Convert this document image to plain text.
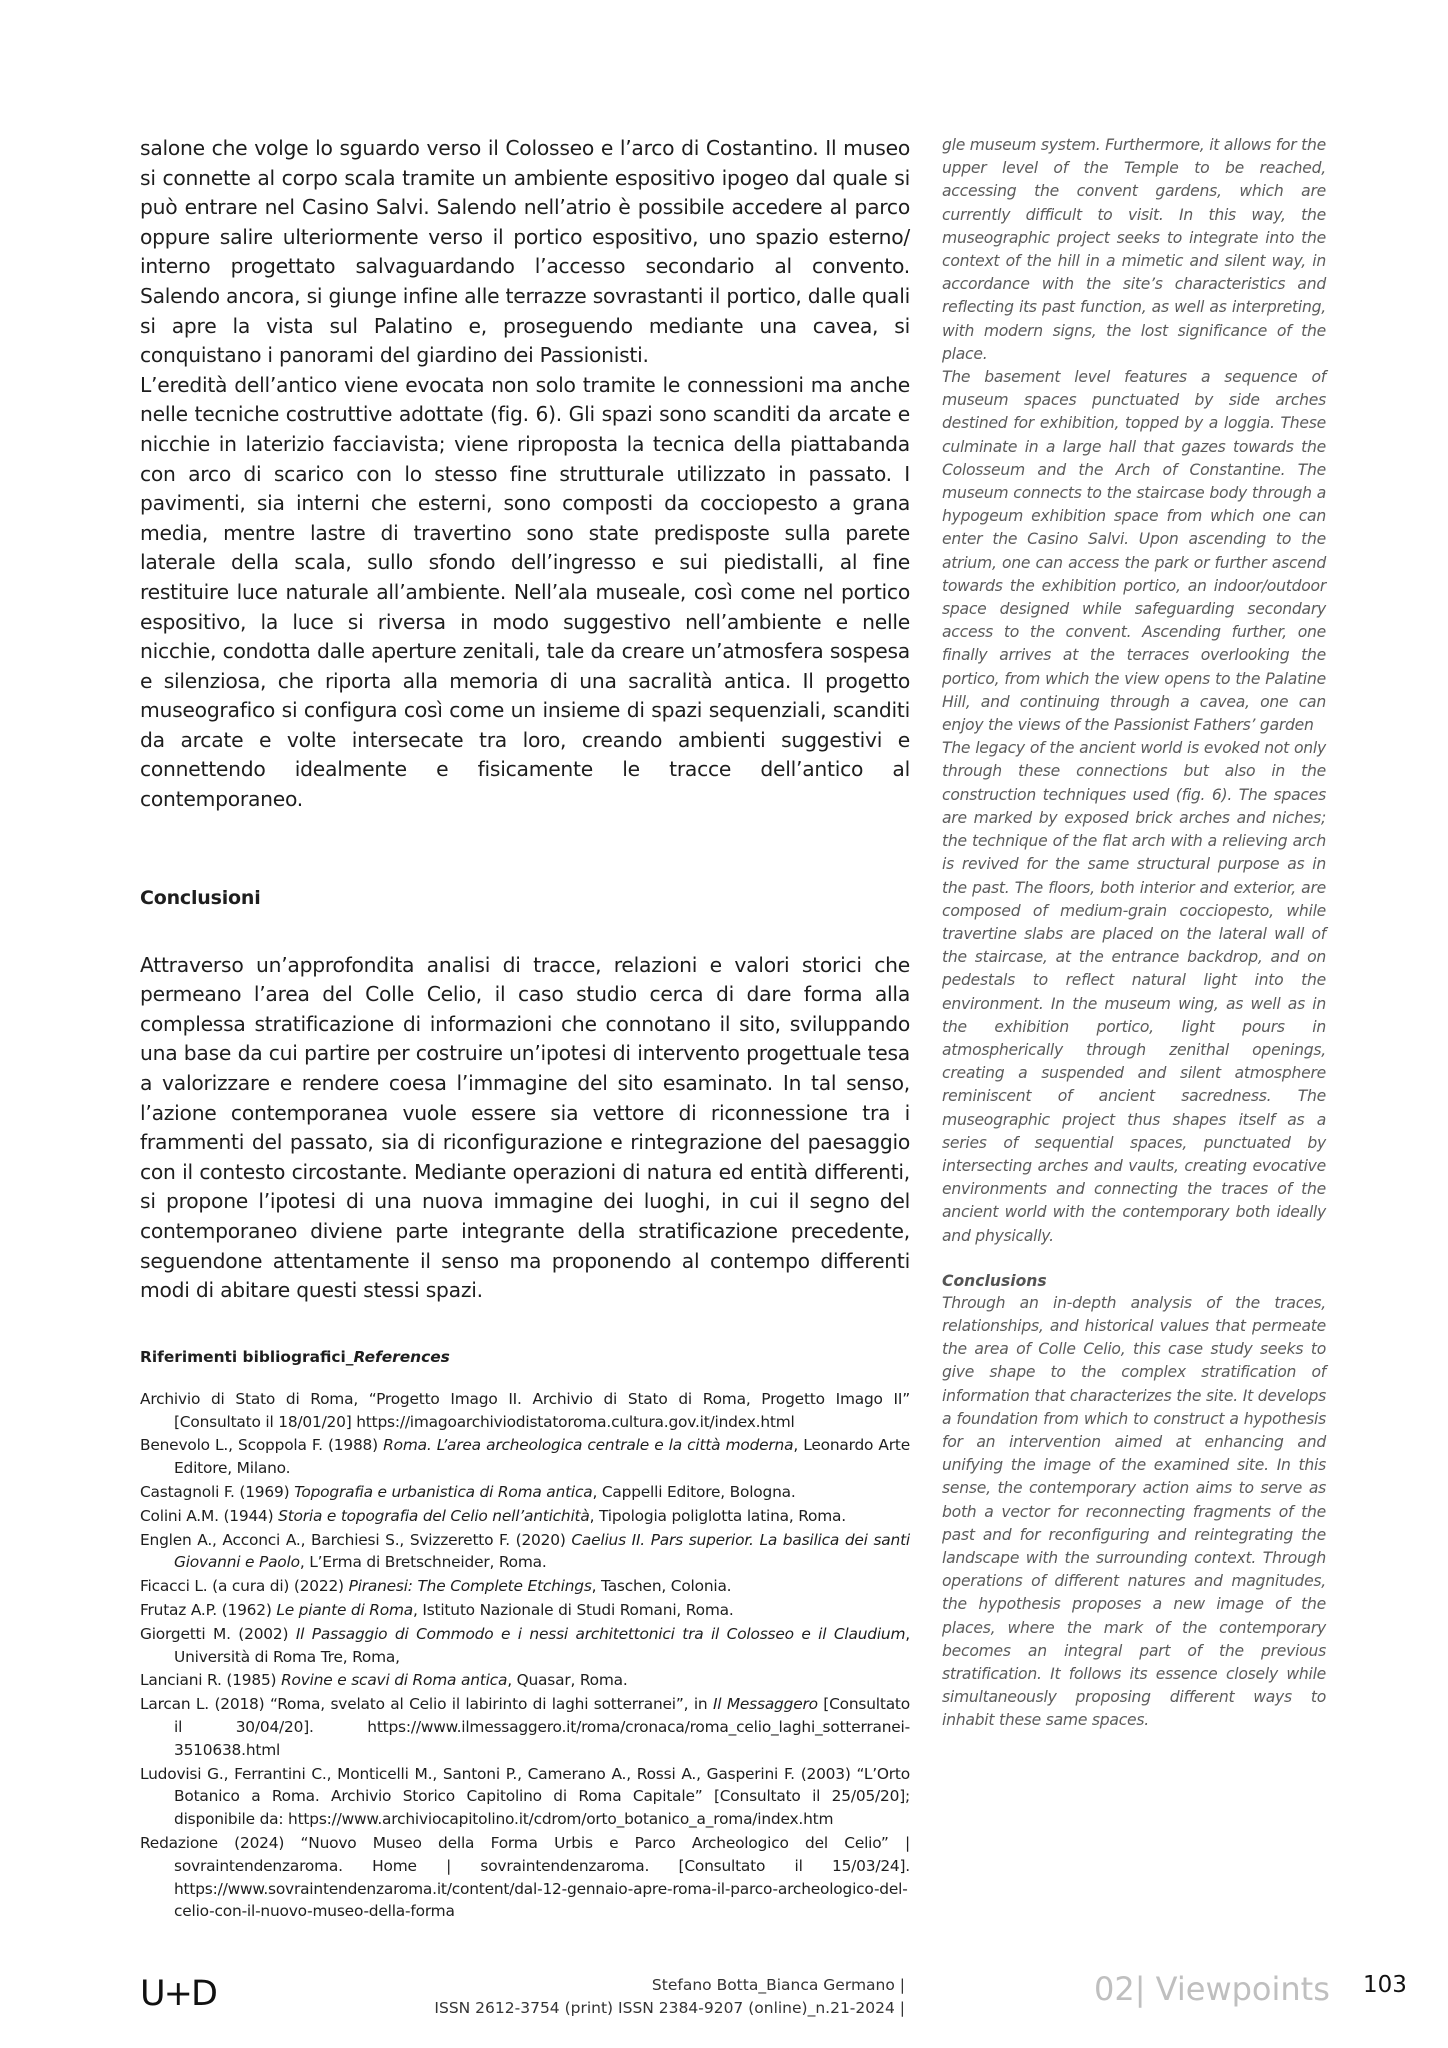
salone che volge lo sguardo verso il Colosseo e l’arco di Costantino. Il museo si connette al corpo scala tramite un ambiente espositivo ipogeo dal quale si può entrare nel Casino Salvi. Salendo nell’atrio è possibile accedere al parco oppure salire ulteriormente verso il portico espositivo, uno spazio esterno/ interno progettato salvaguardando l’accesso secondario al convento. Salendo ancora, si giunge infine alle terrazze sovrastanti il portico, dalle quali si apre la vista sul Palatino e, proseguendo mediante una cavea, si conquistano i panorami del giardino dei Passionisti.

L’eredità dell’antico viene evocata non solo tramite le connessioni ma anche nelle tecniche costruttive adottate (fig. 6). Gli spazi sono scanditi da arcate e nicchie in laterizio facciavista; viene riproposta la tecnica della piattabanda con arco di scarico con lo stesso fine strutturale utilizzato in passato. I pavimenti, sia interni che esterni, sono composti da cocciopesto a grana media, mentre lastre di travertino sono state predisposte sulla parete laterale della scala, sullo sfondo dell’ingresso e sui piedistalli, al fine restituire luce naturale all’ambiente. Nell’ala museale, così come nel portico espositivo, la luce si riversa in modo suggestivo nell’ambiente e nelle nicchie, condotta dalle aperture zenitali, tale da creare un’atmosfera sospesa e silenziosa, che riporta alla memoria di una sacralità antica. Il progetto museografico si configura così come un insieme di spazi sequenziali, scanditi da arcate e volte intersecate tra loro, creando ambienti suggestivi e connettendo idealmente e fisicamente le tracce dell’antico al contemporaneo.

Conclusioni

Attraverso un’approfondita analisi di tracce, relazioni e valori storici che permeano l’area del Colle Celio, il caso studio cerca di dare forma alla complessa stratificazione di informazioni che connotano il sito, sviluppando una base da cui partire per costruire un’ipotesi di intervento progettuale tesa a valorizzare e rendere coesa l’immagine del sito esaminato. In tal senso, l’azione contemporanea vuole essere sia vettore di riconnessione tra i frammenti del passato, sia di riconfigurazione e rintegrazione del paesaggio con il contesto circostante. Mediante operazioni di natura ed entità differenti, si propone l’ipotesi di una nuova immagine dei luoghi, in cui il segno del contemporaneo diviene parte integrante della stratificazione precedente, seguendone attentamente il senso ma proponendo al contempo differenti modi di abitare questi stessi spazi.

Riferimenti bibliografici_References
Archivio di Stato di Roma, “Progetto Imago II. Archivio di Stato di Roma, Progetto Imago II” [Consultato il 18/01/20] https://imagoarchiviodistatoroma.cultura.gov.it/index.html
Benevolo L., Scoppola F. (1988) Roma. L’area archeologica centrale e la città moderna, Leonardo Arte Editore, Milano.
Castagnoli F. (1969) Topografia e urbanistica di Roma antica, Cappelli Editore, Bologna.
Colini A.M. (1944) Storia e topografia del Celio nell’antichità, Tipologia poliglotta latina, Roma.
Englen A., Acconci A., Barchiesi S., Svizzeretto F. (2020) Caelius II. Pars superior. La basilica dei santi Giovanni e Paolo, L’Erma di Bretschneider, Roma.
Ficacci L. (a cura di) (2022) Piranesi: The Complete Etchings, Taschen, Colonia.
Frutaz A.P. (1962) Le piante di Roma, Istituto Nazionale di Studi Romani, Roma.
Giorgetti M. (2002) Il Passaggio di Commodo e i nessi architettonici tra il Colosseo e il Claudium, Università di Roma Tre, Roma,
Lanciani R. (1985) Rovine e scavi di Roma antica, Quasar, Roma.
Larcan L. (2018) “Roma, svelato al Celio il labirinto di laghi sotterranei”, in Il Messaggero [Consultato il 30/04/20]. https://www.ilmessaggero.it/roma/cronaca/roma_celio_laghi_sotterranei-3510638.html
Ludovisi G., Ferrantini C., Monticelli M., Santoni P., Camerano A., Rossi A., Gasperini F. (2003) “L’Orto Botanico a Roma. Archivio Storico Capitolino di Roma Capitale” [Consultato il 25/05/20]; disponibile da: https://www.archiviocapitolino.it/cdrom/orto_botanico_a_roma/index.htm
Redazione (2024) “Nuovo Museo della Forma Urbis e Parco Archeologico del Celio” | sovraintendenzaroma. Home | sovraintendenzaroma. [Consultato il 15/03/24]. https://www.sovraintendenzaroma.it/content/dal-12-gennaio-apre-roma-il-parco-archeologico-del-celio-con-il-nuovo-museo-della-forma

gle museum system. Furthermore, it allows for the upper level of the Temple to be reached, accessing the convent gardens, which are currently difficult to visit. In this way, the museographic project seeks to integrate into the context of the hill in a mimetic and silent way, in accordance with the site’s characteristics and reflecting its past function, as well as interpreting, with modern signs, the lost significance of the place.

The basement level features a sequence of museum spaces punctuated by side arches destined for exhibition, topped by a loggia. These culminate in a large hall that gazes towards the Colosseum and the Arch of Constantine. The museum connects to the staircase body through a hypogeum exhibition space from which one can enter the Casino Salvi. Upon ascending to the atrium, one can access the park or further ascend towards the exhibition portico, an indoor/outdoor space designed while safeguarding secondary access to the convent. Ascending further, one finally arrives at the terraces overlooking the portico, from which the view opens to the Palatine Hill, and continuing through a cavea, one can enjoy the views of the Passionist Fathers’ garden

The legacy of the ancient world is evoked not only through these connections but also in the construction techniques used (fig. 6). The spaces are marked by exposed brick arches and niches; the technique of the flat arch with a relieving arch is revived for the same structural purpose as in the past. The floors, both interior and exterior, are composed of medium-grain cocciopesto, while travertine slabs are placed on the lateral wall of the staircase, at the entrance backdrop, and on pedestals to reflect natural light into the environment. In the museum wing, as well as in the exhibition portico, light pours in atmospherically through zenithal openings, creating a suspended and silent atmosphere reminiscent of ancient sacredness. The museographic project thus shapes itself as a series of sequential spaces, punctuated by intersecting arches and vaults, creating evocative environments and connecting the traces of the ancient world with the contemporary both ideally and physically.

Conclusions

Through an in-depth analysis of the traces, relationships, and historical values that permeate the area of Colle Celio, this case study seeks to give shape to the complex stratification of information that characterizes the site. It develops a foundation from which to construct a hypothesis for an intervention aimed at enhancing and unifying the image of the examined site. In this sense, the contemporary action aims to serve as both a vector for reconnecting fragments of the past and for reconfiguring and reintegrating the landscape with the surrounding context. Through operations of different natures and magnitudes, the hypothesis proposes a new image of the places, where the mark of the contemporary becomes an integral part of the previous stratification. It follows its essence closely while simultaneously proposing different ways to inhabit these same spaces.

U+D	Stefano Botta_Bianca Germano |
ISSN 2612-3754 (print) ISSN 2384-9207 (online)_n.21-2024 |	02| Viewpoints 103
